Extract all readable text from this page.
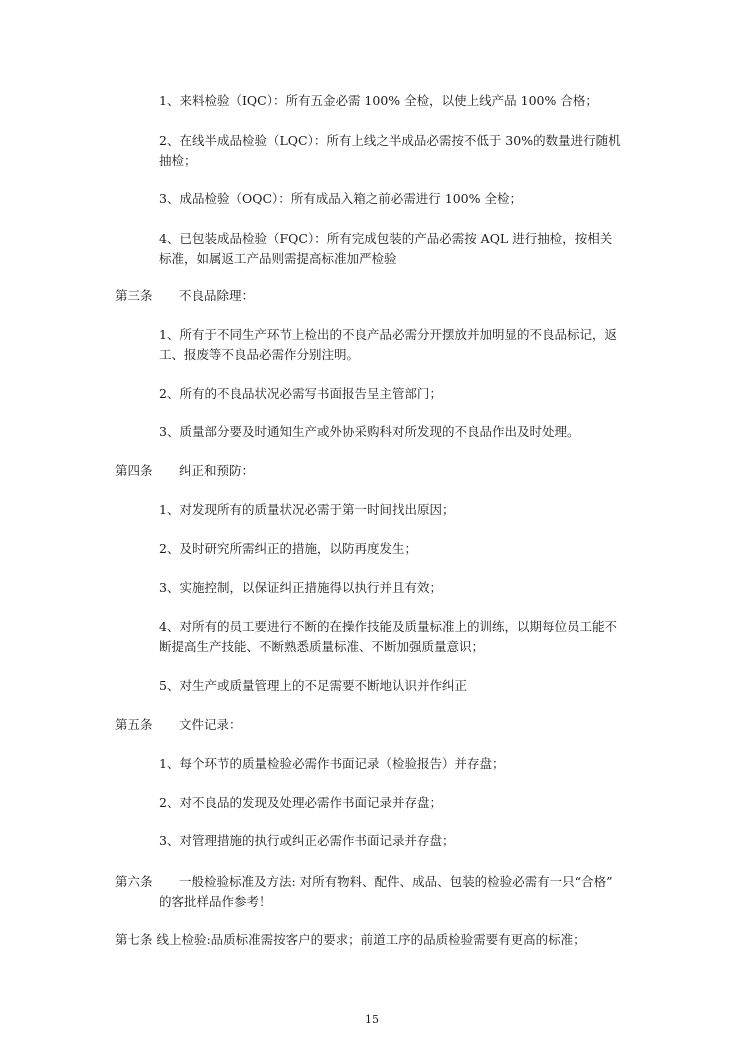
1、来料检验（IQC）：所有五金必需 100% 全检，以使上线产品 100% 合格；
2、在线半成品检验（LQC）：所有上线之半成品必需按不低于 30%的数量进行随机
抽检；
3、成品检验（OQC）：所有成品入箱之前必需进行 100% 全检；
4、已包装成品检验（FQC）：所有完成包装的产品必需按 AQL 进行抽检，按相关
标准，如属返工产品则需提高标准加严检验
第三条 不良品除理：
1、所有于不同生产环节上检出的不良产品必需分开摆放并加明显的不良品标记，返
工、报废等不良品必需作分别注明。
2、所有的不良品状况必需写书面报告呈主管部门；
3、质量部分要及时通知生产或外协采购科对所发现的不良品作出及时处理。
第四条 纠正和预防：
1、对发现所有的质量状况必需于第一时间找出原因；
2、及时研究所需纠正的措施，以防再度发生；
3、实施控制，以保证纠正措施得以执行并且有效；
4、对所有的员工要进行不断的在操作技能及质量标准上的训练，以期每位员工能不
断提高生产技能、不断熟悉质量标准、不断加强质量意识；
5、对生产或质量管理上的不足需要不断地认识并作纠正
第五条 文件记录：
1、每个环节的质量检验必需作书面记录（检验报告）并存盘；
2、对不良品的发现及处理必需作书面记录并存盘；
3、对管理措施的执行或纠正必需作书面记录并存盘；
第六条 一般检验标准及方法: 对所有物料、配件、成品、包装的检验必需有一只“合格”
的客批样品作参考！
第七条 线上检验:品质标准需按客户的要求；前道工序的品质检验需要有更高的标准；
15
